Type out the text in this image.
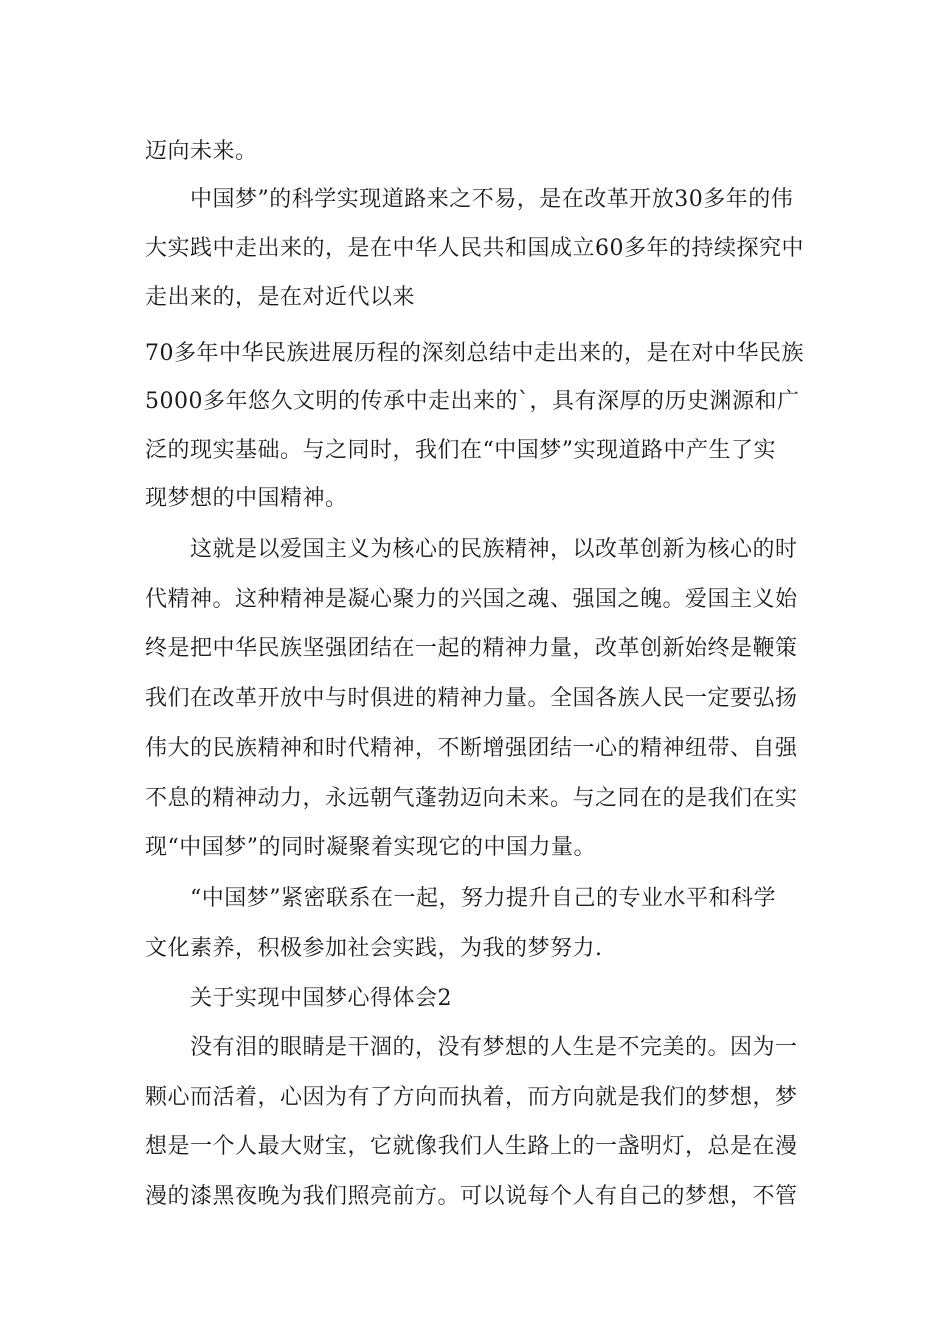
迈向未来。

中国梦”的科学实现道路来之不易，是在改革开放30多年的伟

大实践中走出来的，是在中华人民共和国成立60多年的持续探究中

走出来的，是在对近代以来

70多年中华民族进展历程的深刻总结中走出来的，是在对中华民族

5000多年悠久文明的传承中走出来的`，具有深厚的历史渊源和广

泛的现实基础。与之同时，我们在“中国梦”实现道路中产生了实

现梦想的中国精神。

这就是以爱国主义为核心的民族精神，以改革创新为核心的时

代精神。这种精神是凝心聚力的兴国之魂、强国之魄。爱国主义始

终是把中华民族坚强团结在一起的精神力量，改革创新始终是鞭策

我们在改革开放中与时俱进的精神力量。全国各族人民一定要弘扬

伟大的民族精神和时代精神，不断增强团结一心的精神纽带、自强

不息的精神动力，永远朝气蓬勃迈向未来。与之同在的是我们在实

现“中国梦”的同时凝聚着实现它的中国力量。

“中国梦”紧密联系在一起，努力提升自己的专业水平和科学

文化素养，积极参加社会实践，为我的梦努力.

关于实现中国梦心得体会2

没有泪的眼睛是干涸的，没有梦想的人生是不完美的。因为一

颗心而活着，心因为有了方向而执着，而方向就是我们的梦想，梦

想是一个人最大财宝，它就像我们人生路上的一盏明灯，总是在漫

漫的漆黑夜晚为我们照亮前方。可以说每个人有自己的梦想，不管
